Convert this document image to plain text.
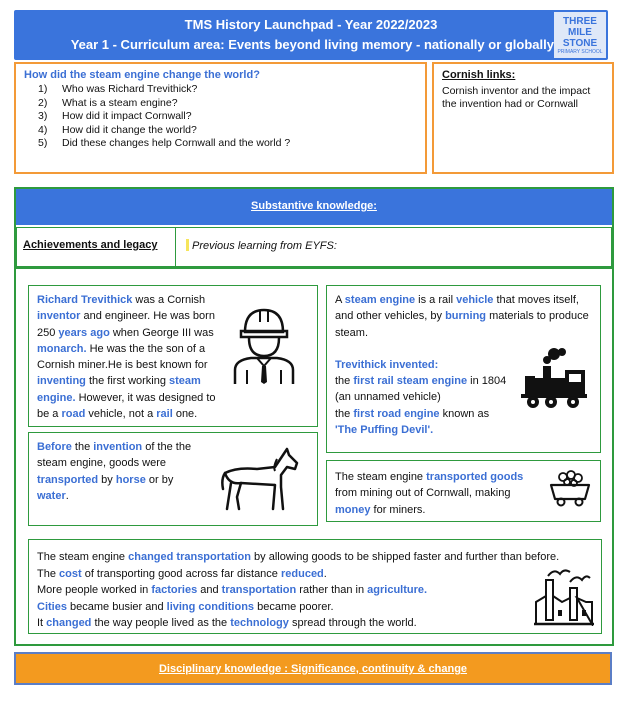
TMS History Launchpad - Year 2022/2023
Year 1 - Curriculum area: Events beyond living memory - nationally or globally
THREE
MILE
STONE
PRIMARY SCHOOL
How did the steam engine change the world?
1)	Who was Richard Trevithick?
2)	What is a steam engine?
3)	How did it impact Cornwall?
4)	How did it change the world?
5)	Did these changes help Cornwall and the world ?
Cornish links:
Cornish inventor and the impact the invention had or Cornwall
Substantive knowledge:
Achievements and legacy	Previous learning from EYFS:
Richard Trevithick was a Cornish inventor and engineer. He was born 250 years ago when George III was monarch. He was the the son of a Cornish miner.He is best known for inventing the first working steam engine. However, it was designed to be a road vehicle, not a rail one.
A steam engine is a rail vehicle that moves itself, and other vehicles, by burning materials to produce steam.
Trevithick invented:
the first rail steam engine in 1804
(an unnamed vehicle)
the first road engine known as
'The Puffing Devil'.
Before the invention of the the steam engine, goods were transported by horse or by water.
The steam engine transported goods from mining out of Cornwall, making money for miners.
The steam engine changed transportation by allowing goods to be shipped faster and further than before.
The cost of transporting good across far distance reduced.
More people worked in factories and transportation rather than in agriculture.
Cities became busier and living conditions became poorer.
It changed the way people lived as the technology spread through the world.
Disciplinary knowledge : Significance, continuity & change
